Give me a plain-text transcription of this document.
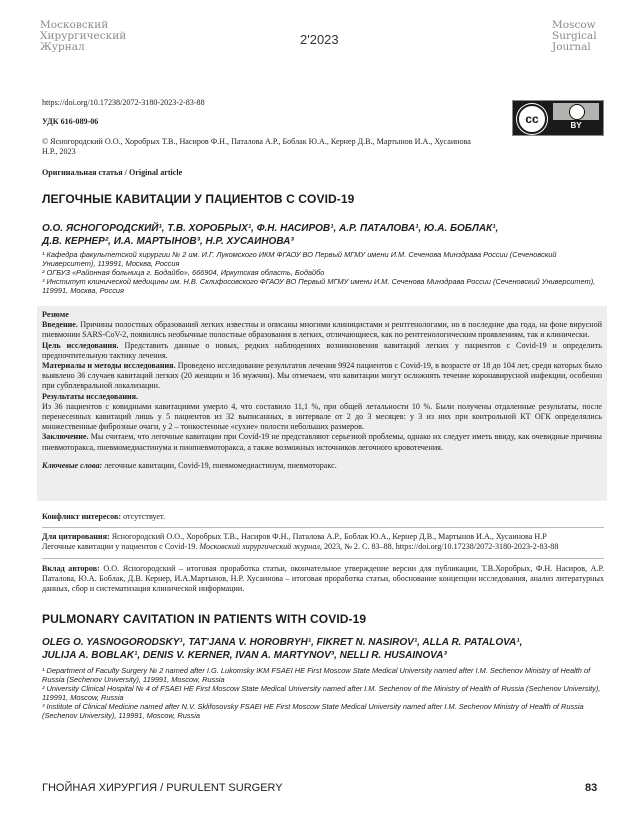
Московский
Хирургический
Журнал	2'2023
Moscow
Surgical
Journal
https://doi.org/10.17238/2072-3180-2023-2-83-88
УДК 616-089-06	cc	BY
© Ясногородский О.О., Хоробрых Т.В., Насиров Ф.Н., Паталова А.Р., Боблак Ю.А., Кернер Д.В., Мартынов И.А., Хусаинова Н.Р., 2023
Оригинальная статья / Original article
ЛЕГОЧНЫЕ КАВИТАЦИИ У ПАЦИЕНТОВ С COVID-19
О.О. ЯСНОГОРОДСКИЙ¹, Т.В. ХОРОБРЫХ¹, Ф.Н. НАСИРОВ¹, А.Р. ПАТАЛОВА¹, Ю.А. БОБЛАК¹,
Д.В. КЕРНЕР², И.А. МАРТЫНОВ³, Н.Р. ХУСАИНОВА³
¹ Кафедра факультетской хирургии № 2 им. И.Г. Лукомского ИКМ ФГАОУ ВО Первый МГМУ имени И.М. Сеченова Минздрава России (Сеченовский Университет), 119991, Москва, Россия
² ОГБУЗ «Районная больница г. Бодайбо», 666904, Иркутская область, Бодайбо
³ Институт клинической медицины им. Н.В. Склифосовского ФГАОУ ВО Первый МГМУ имени И.М. Сеченова Минздрава России (Сеченовский Университет), 119991, Москва, Россия

Резюме

Введение. Причины полостных образований легких известны и описаны многими клиницистами и рентгенологами, но в последние два года, на фоне вирусной пневмонии SARS-CoV-2, появились необычные полостные образования в легких, отличающиеся, как по рентгенологическим проявлениям, так и клинически.

Цель исследования. Представить данные о новых, редких наблюдениях возникновения кавитаций легких у пациентов с Covid-19 и определить предпочтительную тактику лечения.

Материалы и методы исследования. Проведено исследование результатов лечения 9924 пациентов с Covid-19, в возрасте от 18 до 104 лет, среди которых было выявлено 36 случаев кавитаций легких (20 женщин и 16 мужчин). Мы отмечаем, что кавитации могут осложнять течение коронавирусной инфекции, особенно при субплевральной локализации.

Результаты исследования.

Из 36 пациентов с ковидными кавитациями умерло 4, что составило 11,1 %, при общей летальности 10 %. Были получены отдаленные результаты, после перенесенных кавитаций лишь у 5 пациентов из 32 выписанных, в интервале от 2 до 3 месяцев: у 3 из них при контрольной КТ ОГК определялись множественные фиброзные очаги, у 2 – тонкостенные «сухие» полости небольших размеров.

Заключение. Мы считаем, что легочные кавитации при Covid-19 не представляют серьезной проблемы, однако их следует иметь ввиду, как очевидные причины пневмоторакса, пневмомедиастинума и пиопневмоторакса, а также возможных источников легочного кровотечения.

Ключевые слова: легочные кавитации, Covid-19, пневмомедиастинум, пневмоторакс.

Конфликт интересов: отсутствует.
Для цитирования: Ясногородский О.О., Хоробрых Т.В., Насиров Ф.Н., Паталова А.Р., Боблак Ю.А., Кернер Д.В., Мартынов И.А., Хусаинова Н.Р
Легочные кавитации у пациентов с Covid-19. Московский хирургический журнал, 2023, № 2. С. 83–88. https://doi.org/10.17238/2072-3180-2023-2-83-88
Вклад авторов: О.О. Ясногородский – итоговая проработка статьи, окончательное утверждение версии для публикации, Т.В.Хоробрых, Ф.Н. Насиров, А.Р. Паталова, Ю.А. Боблак, Д.В. Кернер, И.А.Мартынов, Н.Р. Хусаинова – итоговая проработка статьи, обоснование концепции исследования, анализ литературных данных, сбор и систематизация клинической информации.
PULMONARY CAVITATION IN PATIENTS WITH COVID-19
OLEG O. YASNOGORODSKY¹, TAT'JANA V. HOROBRYH¹, FIKRET N. NASIROV¹, ALLA R. PATALOVA¹,
JULIJA A. BOBLAK¹, DENIS V. KERNER, IVAN A. MARTYNOV³, NELLI R. HUSAINOVA³
¹ Department of Faculty Surgery № 2 named after I.G. Lukomsky IKM FSAEI HE First Moscow State Medical University named after I.M. Sechenov Ministry of Health of Russia (Sechenov University), 119991, Moscow, Russia
² University Clinical Hospital № 4 of FSAEI HE First Moscow State Medical University named after I.M. Sechenov of the Ministry of Health of Russia (Sechenov University), 119991, Moscow, Russia
³ Institute of Clinical Medicine named after N.V. Sklifosovsky FSAEI HE First Moscow State Medical University named after I.M. Sechenov Ministry of Health of Russia (Sechenov University), 119991, Moscow, Russia
ГНОЙНАЯ ХИРУРГИЯ / PURULENT SURGERY	83
